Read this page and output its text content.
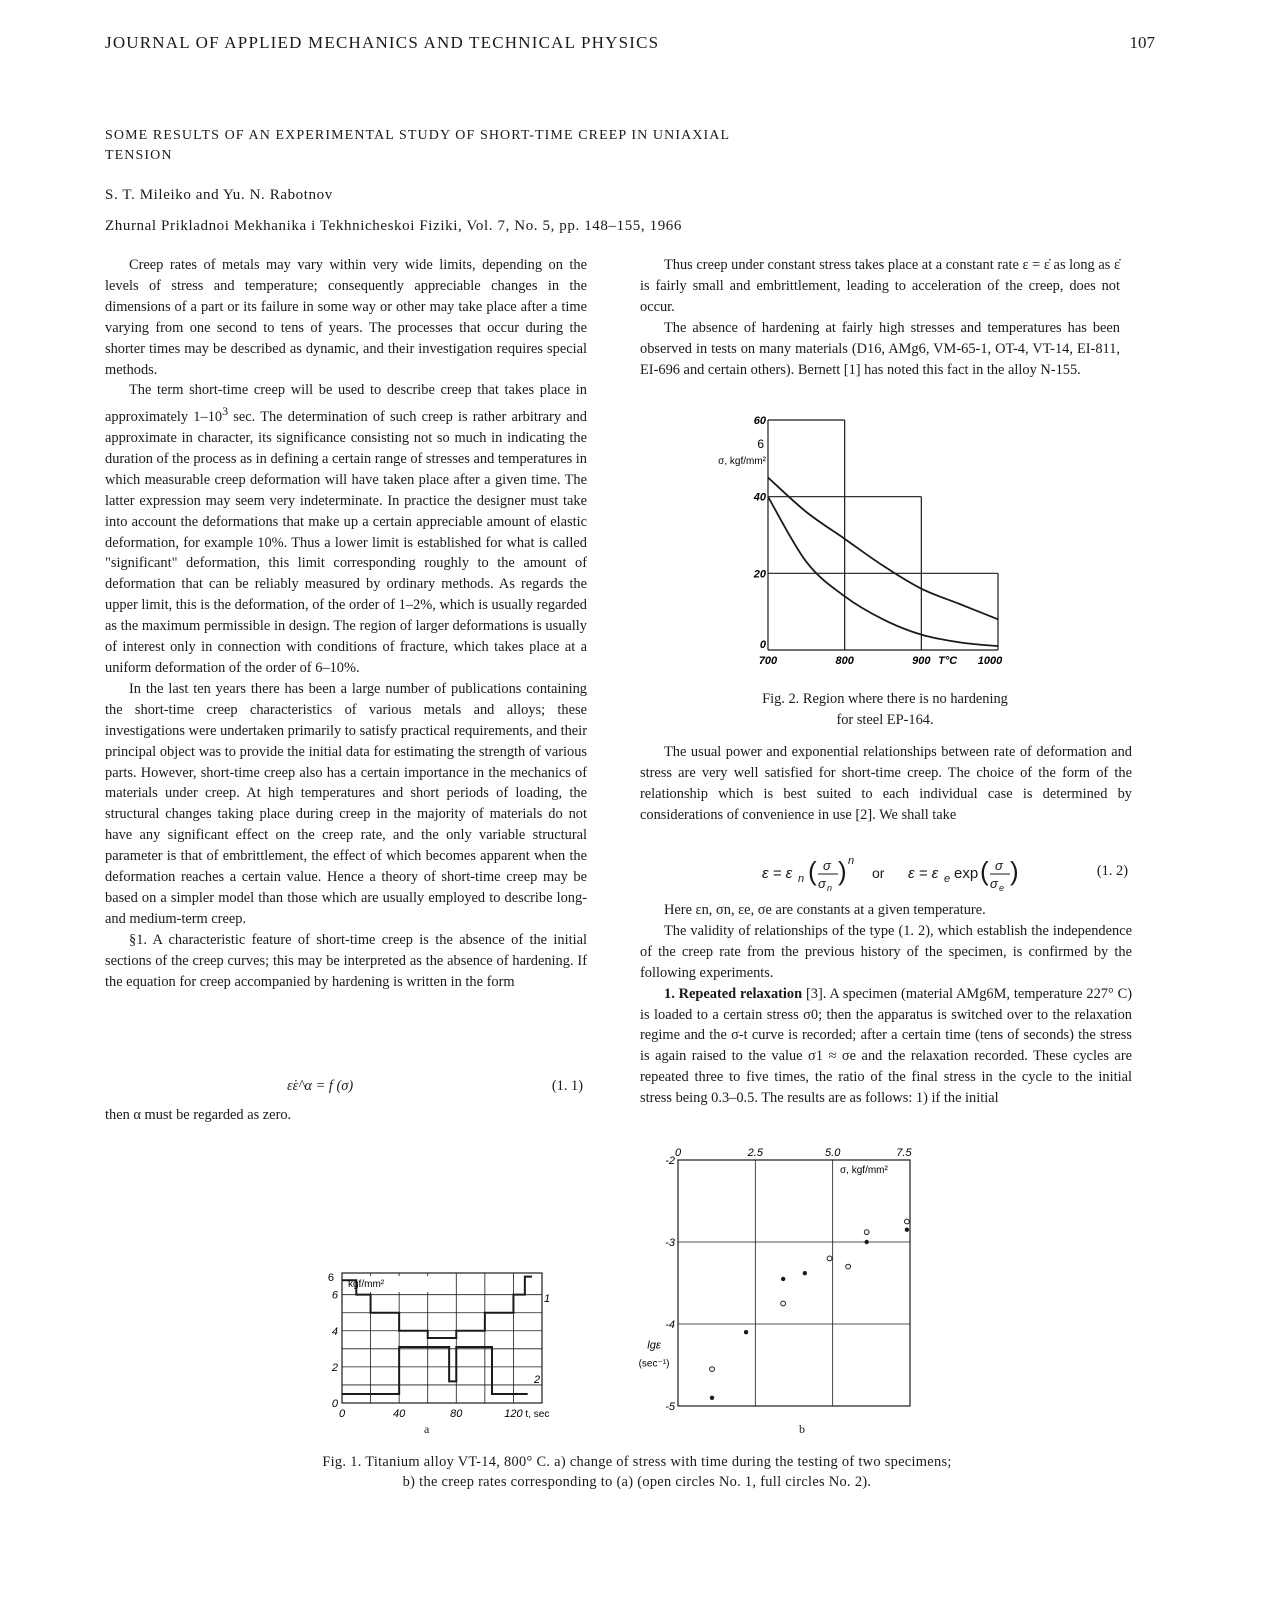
JOURNAL OF APPLIED MECHANICS AND TECHNICAL PHYSICS	107
SOME RESULTS OF AN EXPERIMENTAL STUDY OF SHORT-TIME CREEP IN UNIAXIAL TENSION
S. T. Mileiko and Yu. N. Rabotnov
Zhurnal Prikladnoi Mekhanika i Tekhnicheskoi Fiziki, Vol. 7, No. 5, pp. 148–155, 1966

Creep rates of metals may vary within very wide limits, depending on the levels of stress and temperature; consequently appreciable changes in the dimensions of a part or its failure in some way or other may take place after a time varying from one second to tens of years. The processes that occur during the shorter times may be described as dynamic, and their investigation requires special methods.

The term short-time creep will be used to describe creep that takes place in approximately $1-10^3$ sec. The determination of such creep is rather arbitrary and approximate in character, its significance consisting not so much in indicating the duration of the process as in defining a certain range of stresses and temperatures in which measurable creep deformation will have taken place after a given time. The latter expression may seem very indeterminate. In practice the designer must take into account the deformations that make up a certain appreciable amount of elastic deformation, for example 10%. Thus a lower limit is established for what is called "significant" deformation, this limit corresponding roughly to the amount of deformation that can be reliably measured by ordinary methods. As regards the upper limit, this is the deformation, of the order of 1–2%, which is usually regarded as the maximum permissible in design. The region of larger deformations is usually of interest only in connection with conditions of fracture, which takes place at a uniform deformation of the order of 6–10%.

In the last ten years there has been a large number of publications containing the short-time creep characteristics of various metals and alloys; these investigations were undertaken primarily to satisfy practical requirements, and their principal object was to provide the initial data for estimating the strength of various parts. However, short-time creep also has a certain importance in the mechanics of materials under creep. At high temperatures and short periods of loading, the structural changes taking place during creep in the majority of materials do not have any significant effect on the creep rate, and the only variable structural parameter is that of embrittlement, the effect of which becomes apparent when the deformation reaches a certain value. Hence a theory of short-time creep may be based on a simpler model than those which are usually employed to describe long-and medium-term creep.

§1. A characteristic feature of short-time creep is the absence of the initial sections of the creep curves; this may be interpreted as the absence of hardening. If the equation for creep accompanied by hardening is written in the form

ε̇ε^α = f (σ)	(1. 1)

then α must be regarded as zero.

Thus creep under constant stress takes place at a constant rate ε = ε̇ as long as ε̇ is fairly small and embrittlement, leading to acceleration of the creep, does not occur.

The absence of hardening at fairly high stresses and temperatures has been observed in tests on many materials (D16, AMg6, VM-65-1, OT-4, VT-14, EI-811, EI-696 and certain others). Bernett [1] has noted this fact in the alloy N-155.

0
20
40
60
700	800	900	1000
T°C
6
σ, kgf/mm²
Fig. 2. Region where there is no hardening
for steel EP-164.

The usual power and exponential relationships between rate of deformation and stress are very well satisfied for short-time creep. The choice of the form of the relationship which is best suited to each individual case is determined by considerations of convenience in use [2]. We shall take

ε = ε n ( σ
σ n
) n
or ε = ε e exp ( σ
σ e
)	(1. 2)

Here εn, σn, εe, σe are constants at a given temperature.

The validity of relationships of the type (1. 2), which establish the independence of the creep rate from the previous history of the specimen, is confirmed by the following experiments.

1. Repeated relaxation [3]. A specimen (material AMg6M, temperature 227° C) is loaded to a certain stress σ0; then the apparatus is switched over to the relaxation regime and the σ-t curve is recorded; after a certain time (tens of seconds) the stress is again raised to the value σ1 ≈ σe and the relaxation recorded. These cycles are repeated three to five times, the ratio of the final stress in the cycle to the initial stress being 0.3–0.5. The results are as follows: 1) if the initial

1
2
0
2
4
6
6
kgf/mm²
0	40	80	120 t, sec
a
0	2.5	5.0	7.5
-2
-3
-4
-5
σ, kgf/mm²
lgε
(sec⁻¹)
b
Fig. 1. Titanium alloy VT-14, 800° C. a) change of stress with time during the testing of two specimens; b) the creep rates corresponding to (a) (open circles No. 1, full circles No. 2).
